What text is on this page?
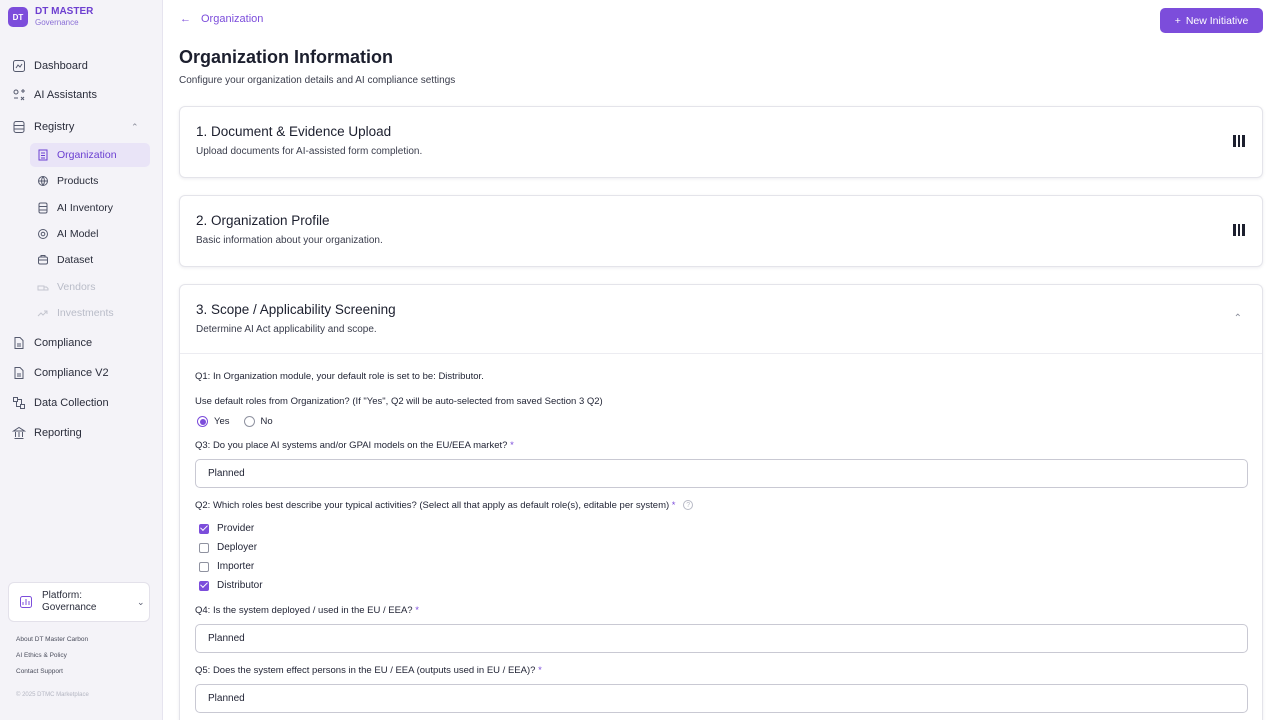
DT	DT MASTER
Governance
Dashboard
AI Assistants
Registry	⌃
Organization
Products
AI Inventory
AI Model
Dataset
Vendors
Investments
Compliance
Compliance V2
Data Collection
Reporting
Platform: Governance
⌄
About DT Master Carbon
AI Ethics & Policy
Contact Support
© 2025 DTMC Marketplace
← Organization	+ New Initiative
Organization Information
Configure your organization details and AI compliance settings
1. Document & Evidence Upload
Upload documents for AI-assisted form completion.
2. Organization Profile
Basic information about your organization.
3. Scope / Applicability Screening
Determine AI Act applicability and scope.
⌃
Q1: In Organization module, your default role is set to be: Distributor.
Use default roles from Organization? (If "Yes", Q2 will be auto-selected from saved Section 3 Q2)
Yes	No
Q3: Do you place AI systems and/or GPAI models on the EU/EEA market? *
Planned
Q2: Which roles best describe your typical activities? (Select all that apply as default role(s), editable per system) * ?
Provider
Deployer
Importer
Distributor
Q4: Is the system deployed / used in the EU / EEA? *
Planned
Q5: Does the system effect persons in the EU / EEA (outputs used in EU / EEA)? *
Planned
